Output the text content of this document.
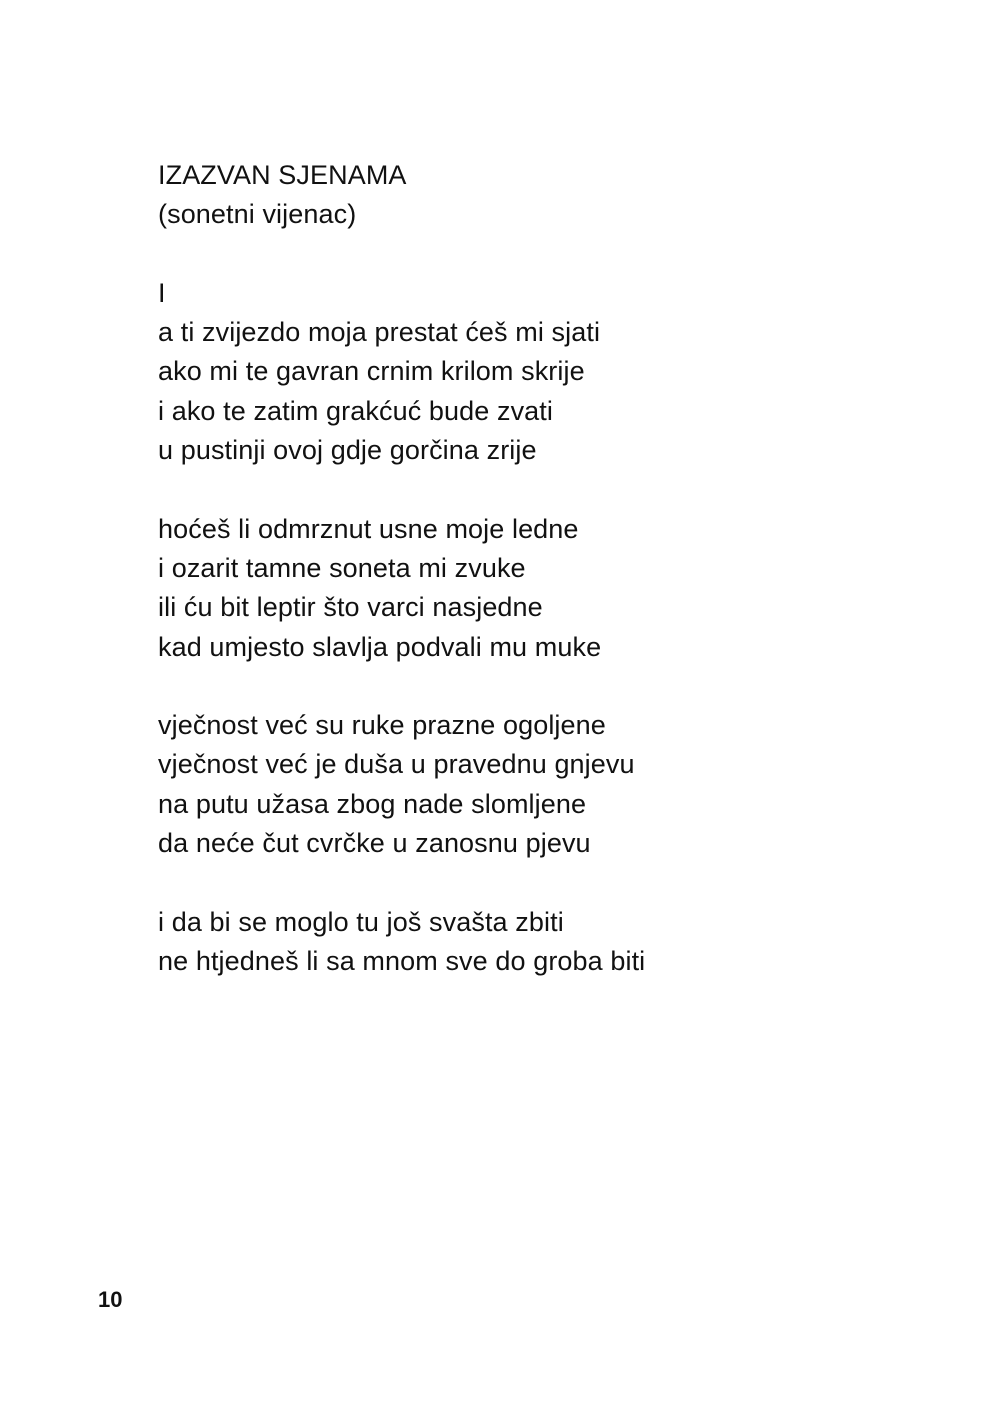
IZAZVAN SJENAMA
(sonetni vijenac)
I
a ti zvijezdo moja prestat ćeš mi sjati
ako mi te gavran crnim krilom skrije
i ako te zatim grakćuć bude zvati
u pustinji ovoj gdje gorčina zrije
hoćeš li odmrznut usne moje ledne
i ozarit tamne soneta mi zvuke
ili ću bit leptir što varci nasjedne
kad umjesto slavlja podvali mu muke
vječnost već su ruke prazne ogoljene
vječnost već je duša u pravednu gnjevu
na putu užasa zbog nade slomljene
da neće čut cvrčke u zanosnu pjevu
i da bi se moglo tu još svašta zbiti
ne htjedneš li sa mnom sve do groba biti
10
